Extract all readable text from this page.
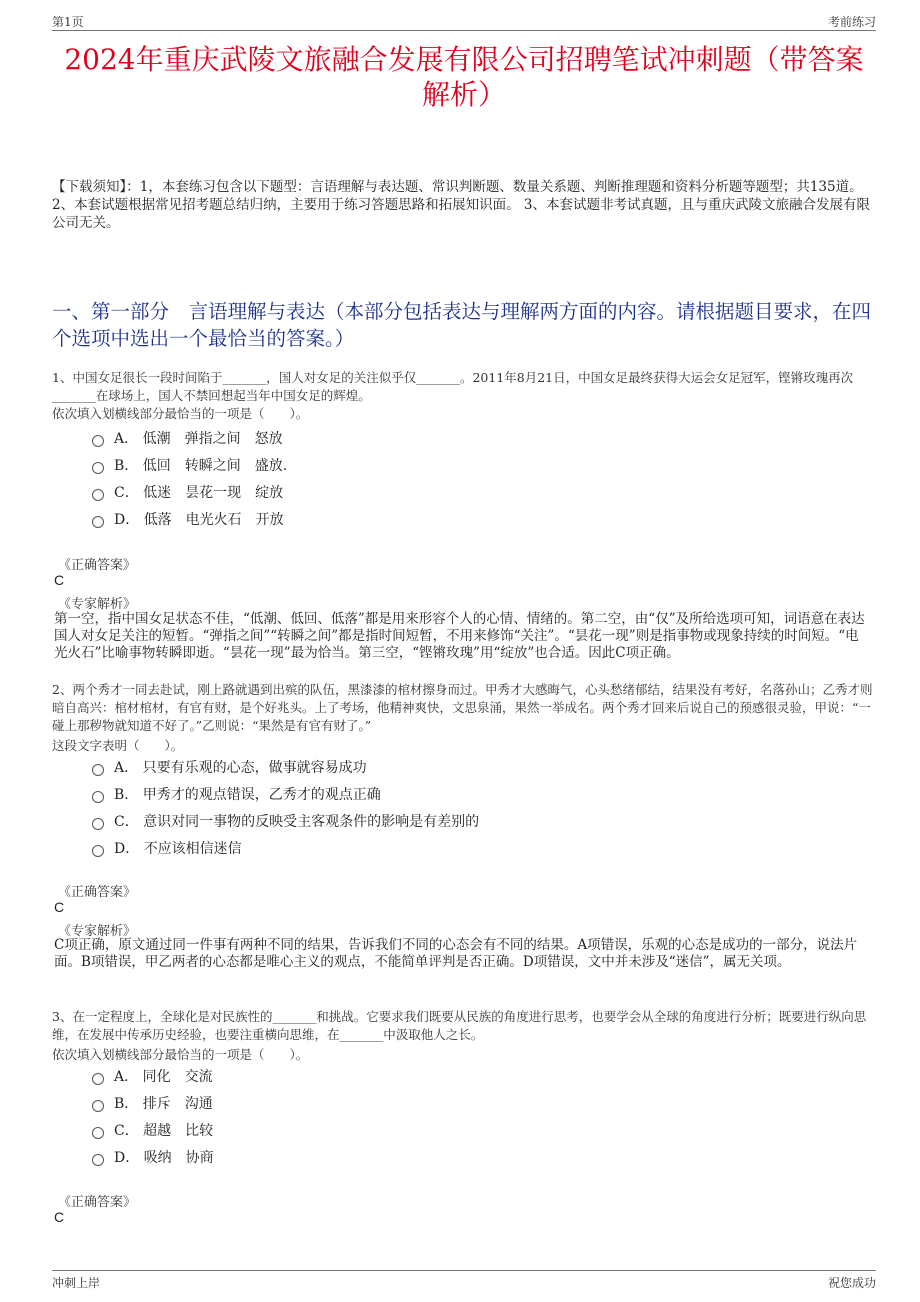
第1页	考前练习
2024年重庆武陵文旅融合发展有限公司招聘笔试冲刺题（带答案解析）
【下载须知】：1，本套练习包含以下题型：言语理解与表达题、常识判断题、数量关系题、判断推理题和资料分析题等题型；共135道。 2、本套试题根据常见招考题总结归纳，主要用于练习答题思路和拓展知识面。 3、本套试题非考试真题，且与重庆武陵文旅融合发展有限公司无关。
一、第一部分　言语理解与表达（本部分包括表达与理解两方面的内容。请根据题目要求，在四个选项中选出一个最恰当的答案。）
1、中国女足很长一段时间陷于_______，国人对女足的关注似乎仅_______。2011年8月21日，中国女足最终获得大运会女足冠军，铿锵玫瑰再次_______在球场上，国人不禁回想起当年中国女足的辉煌。
依次填入划横线部分最恰当的一项是（　　）。
A． 低潮　弹指之间　怒放
B． 低回　转瞬之间　盛放.
C． 低迷　昙花一现　绽放
D． 低落　电光火石　开放
《正确答案》
C
《专家解析》
第一空，指中国女足状态不佳，“低潮、低回、低落”都是用来形容个人的心情、情绪的。第二空，由“仅”及所给选项可知，词语意在表达国人对女足关注的短暂。“弹指之间”“转瞬之间”都是指时间短暂，不用来修饰“关注”。“昙花一现”则是指事物或现象持续的时间短。“电光火石”比喻事物转瞬即逝。“昙花一现”最为恰当。第三空，“铿锵玫瑰”用“绽放”也合适。因此C项正确。
2、两个秀才一同去赴试，刚上路就遇到出殡的队伍，黑漆漆的棺材擦身而过。甲秀才大感晦气，心头愁绪郁结，结果没有考好，名落孙山；乙秀才则暗自高兴：棺材棺材，有官有财，是个好兆头。上了考场，他精神爽快，文思泉涌，果然一举成名。两个秀才回来后说自己的预感很灵验，甲说：“一碰上那秽物就知道不好了。”乙则说：“果然是有官有财了。”
这段文字表明（　　）。
A． 只要有乐观的心态，做事就容易成功
B． 甲秀才的观点错误，乙秀才的观点正确
C． 意识对同一事物的反映受主客观条件的影响是有差别的
D． 不应该相信迷信
《正确答案》
C
《专家解析》
C项正确，原文通过同一件事有两种不同的结果，告诉我们不同的心态会有不同的结果。A项错误，乐观的心态是成功的一部分，说法片面。B项错误，甲乙两者的心态都是唯心主义的观点，不能简单评判是否正确。D项错误，文中并未涉及“迷信”，属无关项。
3、在一定程度上，全球化是对民族性的_______和挑战。它要求我们既要从民族的角度进行思考，也要学会从全球的角度进行分析；既要进行纵向思维，在发展中传承历史经验，也要注重横向思维，在_______中汲取他人之长。
依次填入划横线部分最恰当的一项是（　　）。
A． 同化　交流
B． 排斥　沟通
C． 超越　比较
D． 吸纳　协商
《正确答案》
C
冲刺上岸	祝您成功
